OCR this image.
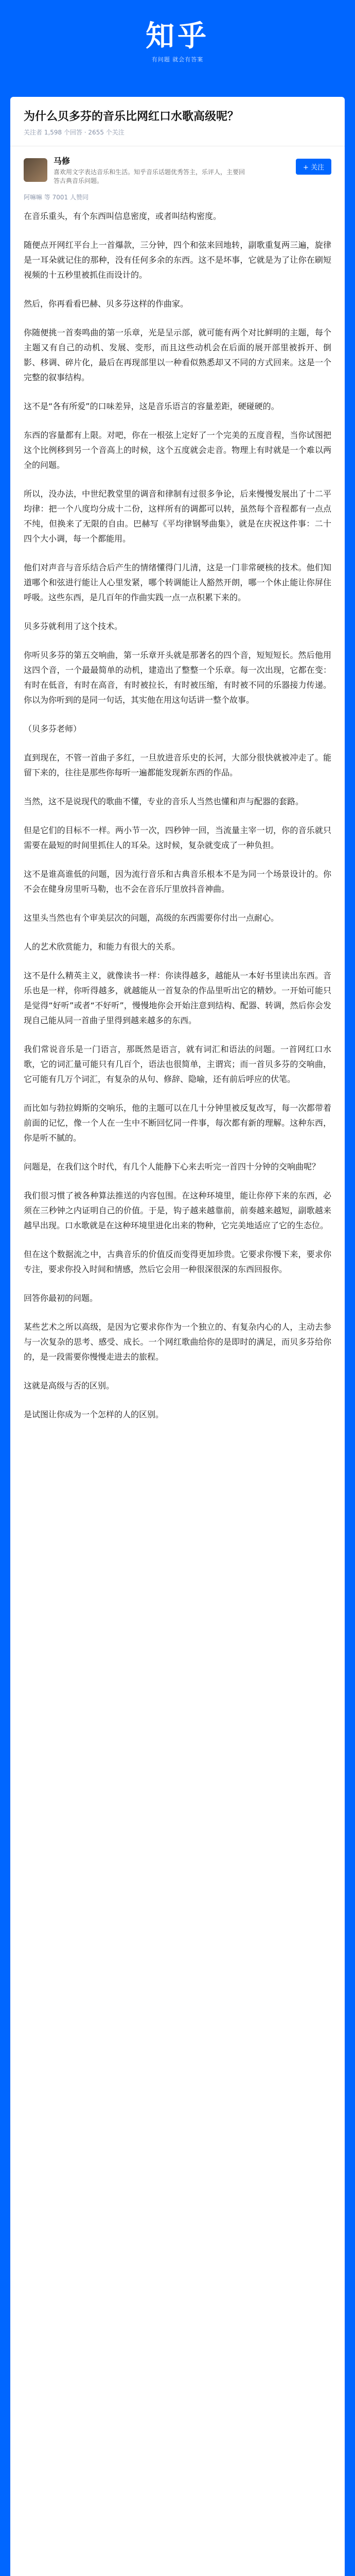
知乎
有问题 就会有答案
为什么贝多芬的音乐比网红口水歌高级呢？
关注者 1,598 个回答 · 2655 个关注
马修
喜欢用文字表达音乐和生活。知乎音乐话题优秀答主，乐评人，主要回答古典音乐问题。
+ 关注
阿嘛嘛 等 7001 人赞同

在音乐重头，有个东西叫信息密度，或者叫结构密度。

随便点开网红平台上一首爆款，三分钟，四个和弦来回地转，副歌重复两三遍，旋律是一耳朵就记住的那种，没有任何多余的东西。这不是坏事，它就是为了让你在刷短视频的十五秒里被抓住而设计的。

然后，你再看看巴赫、贝多芬这样的作曲家。

你随便挑一首奏鸣曲的第一乐章，光是呈示部，就可能有两个对比鲜明的主题，每个主题又有自己的动机、发展、变形，而且这些动机会在后面的展开部里被拆开、倒影、移调、碎片化，最后在再现部里以一种看似熟悉却又不同的方式回来。这是一个完整的叙事结构。

这不是“各有所爱”的口味差异，这是音乐语言的容量差距，硬碰硬的。

东西的容量都有上限。对吧，你在一根弦上定好了一个完美的五度音程，当你试图把这个比例移到另一个音高上的时候，这个五度就会走音。物理上有时就是一个难以两全的问题。

所以，没办法，中世纪教堂里的调音和律制有过很多争论，后来慢慢发展出了十二平均律：把一个八度均分成十二份，这样所有的调都可以转，虽然每个音程都有一点点不纯，但换来了无限的自由。巴赫写《平均律钢琴曲集》，就是在庆祝这件事：二十四个大小调，每一个都能用。

他们对声音与音乐结合后产生的情绪懂得门儿清，这是一门非常硬核的技术。他们知道哪个和弦进行能让人心里发紧，哪个转调能让人豁然开朗，哪一个休止能让你屏住呼吸。这些东西，是几百年的作曲实践一点一点积累下来的。

贝多芬就利用了这个技术。

你听贝多芬的第五交响曲，第一乐章开头就是那著名的四个音，短短短长。然后他用这四个音，一个最最简单的动机，建造出了整整一个乐章。每一次出现，它都在变：有时在低音，有时在高音，有时被拉长，有时被压缩，有时被不同的乐器接力传递。你以为你听到的是同一句话，其实他在用这句话讲一整个故事。

（贝多芬老师）

直到现在，不管一首曲子多红，一旦放进音乐史的长河，大部分很快就被冲走了。能留下来的，往往是那些你每听一遍都能发现新东西的作品。

当然，这不是说现代的歌曲不懂，专业的音乐人当然也懂和声与配器的套路。

但是它们的目标不一样。两小节一次，四秒钟一回，当流量主宰一切，你的音乐就只需要在最短的时间里抓住人的耳朵。这时候，复杂就变成了一种负担。

这不是谁高谁低的问题，因为流行音乐和古典音乐根本不是为同一个场景设计的。你不会在健身房里听马勒，也不会在音乐厅里放抖音神曲。

这里头当然也有个审美层次的问题，高级的东西需要你付出一点耐心。

人的艺术欣赏能力，和能力有很大的关系。

这不是什么精英主义，就像读书一样：你读得越多，越能从一本好书里读出东西。音乐也是一样，你听得越多，就越能从一首复杂的作品里听出它的精妙。一开始可能只是觉得“好听”或者“不好听”，慢慢地你会开始注意到结构、配器、转调，然后你会发现自己能从同一首曲子里得到越来越多的东西。

我们常说音乐是一门语言，那既然是语言，就有词汇和语法的问题。一首网红口水歌，它的词汇量可能只有几百个，语法也很简单，主谓宾；而一首贝多芬的交响曲，它可能有几万个词汇，有复杂的从句、修辞、隐喻，还有前后呼应的伏笔。

而比如与勃拉姆斯的交响乐，他的主题可以在几十分钟里被反复改写，每一次都带着前面的记忆，像一个人在一生中不断回忆同一件事，每次都有新的理解。这种东西，你是听不腻的。

问题是，在我们这个时代，有几个人能静下心来去听完一首四十分钟的交响曲呢？

我们很习惯了被各种算法推送的内容包围。在这种环境里，能让你停下来的东西，必须在三秒钟之内证明自己的价值。于是，钩子越来越靠前，前奏越来越短，副歌越来越早出现。口水歌就是在这种环境里进化出来的物种，它完美地适应了它的生态位。

但在这个数据流之中，古典音乐的价值反而变得更加珍贵。它要求你慢下来，要求你专注，要求你投入时间和情感，然后它会用一种很深很深的东西回报你。

回答你最初的问题。

某些艺术之所以高级，是因为它要求你作为一个独立的、有复杂内心的人，主动去参与一次复杂的思考、感受、成长。一个网红歌曲给你的是即时的满足，而贝多芬给你的，是一段需要你慢慢走进去的旅程。

这就是高级与否的区别。

是试图让你成为一个怎样的人的区别。
